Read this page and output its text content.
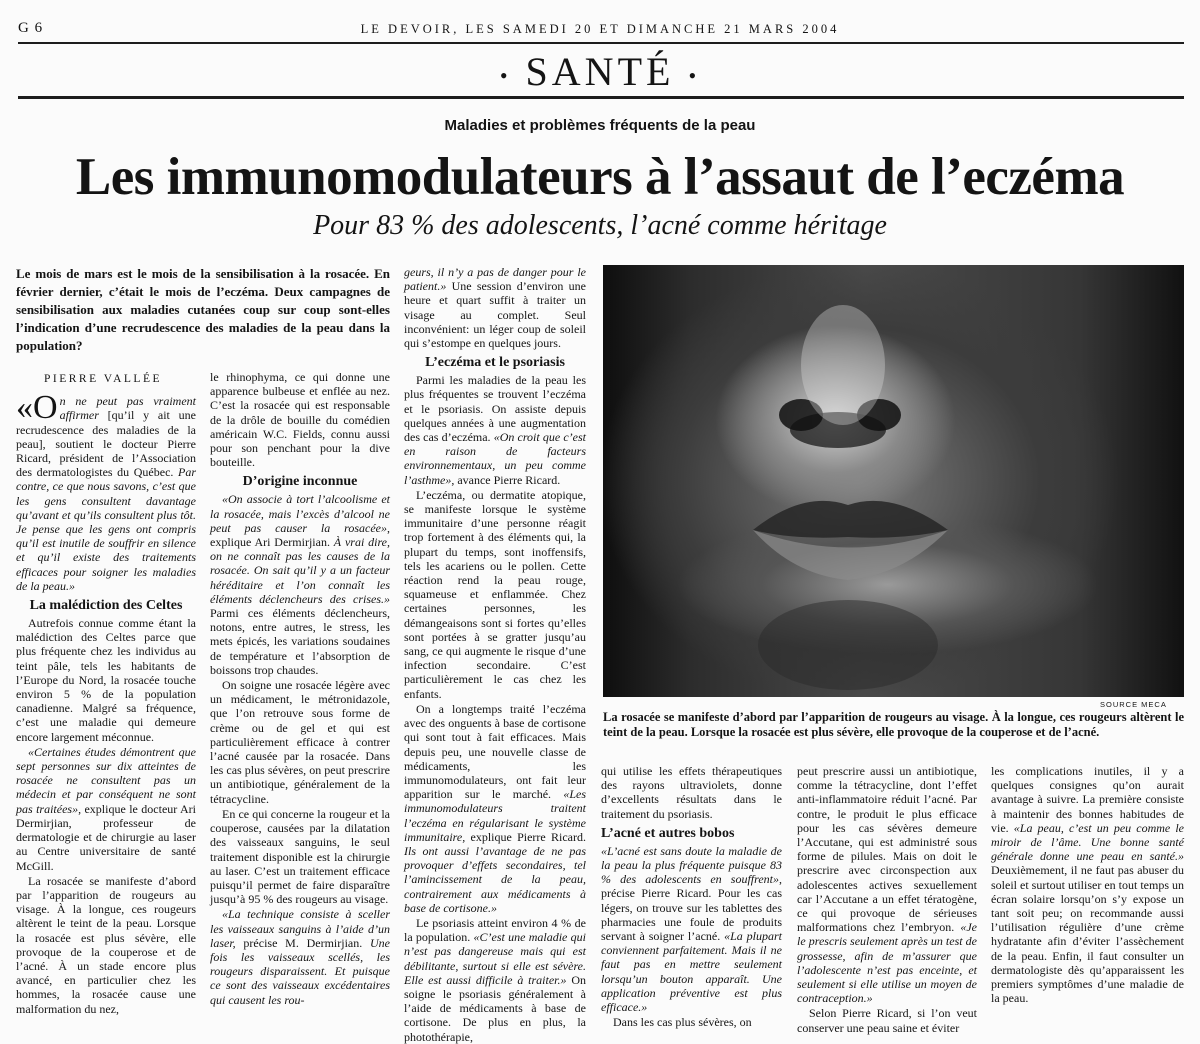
G 6	LE DEVOIR, LES SAMEDI 20 ET DIMANCHE 21 MARS 2004
• SANTÉ •
Maladies et problèmes fréquents de la peau
Les immunomodulateurs à l’assaut de l’eczéma
Pour 83 % des adolescents, l’acné comme héritage
Le mois de mars est le mois de la sensibilisation à la rosacée. En février dernier, c’était le mois de l’eczéma. Deux campagnes de sensibilisation aux maladies cutanées coup sur coup sont-elles l’indication d’une recrudescence des maladies de la peau dans la population?
PIERRE VALLÉE

«On ne peut pas vraiment affirmer [qu’il y ait une recrudescence des maladies de la peau], soutient le docteur Pierre Ricard, président de l’Association des dermatologistes du Québec. Par contre, ce que nous savons, c’est que les gens consultent davantage qu’avant et qu’ils consultent plus tôt. Je pense que les gens ont compris qu’il est inutile de souffrir en silence et qu’il existe des traitements efficaces pour soigner les maladies de la peau.»

La malédiction des Celtes

Autrefois connue comme étant la malédiction des Celtes parce que plus fréquente chez les individus au teint pâle, tels les habitants de l’Europe du Nord, la rosacée touche environ 5 % de la population canadienne. Malgré sa fréquence, c’est une maladie qui demeure encore largement méconnue.

«Certaines études démontrent que sept personnes sur dix atteintes de rosacée ne consultent pas un médecin et par conséquent ne sont pas traitées», explique le docteur Ari Dermirjian, professeur de dermatologie et de chirurgie au laser au Centre universitaire de santé McGill.

La rosacée se manifeste d’abord par l’apparition de rougeurs au visage. À la longue, ces rougeurs altèrent le teint de la peau. Lorsque la rosacée est plus sévère, elle provoque de la couperose et de l’acné. À un stade encore plus avancé, en particulier chez les hommes, la rosacée cause une malformation du nez,

le rhinophyma, ce qui donne une apparence bulbeuse et enflée au nez. C’est la rosacée qui est responsable de la drôle de bouille du comédien américain W.C. Fields, connu aussi pour son penchant pour la dive bouteille.

D’origine inconnue

«On associe à tort l’alcoolisme et la rosacée, mais l’excès d’alcool ne peut pas causer la rosacée», explique Ari Dermirjian. À vrai dire, on ne connaît pas les causes de la rosacée. On sait qu’il y a un facteur héréditaire et l’on connaît les éléments déclencheurs des crises.» Parmi ces éléments déclencheurs, notons, entre autres, le stress, les mets épicés, les variations soudaines de température et l’absorption de boissons trop chaudes.

On soigne une rosacée légère avec un médicament, le métronidazole, que l’on retrouve sous forme de crème ou de gel et qui est particulièrement efficace à contrer l’acné causée par la rosacée. Dans les cas plus sévères, on peut prescrire un antibiotique, généralement de la tétracycline.

En ce qui concerne la rougeur et la couperose, causées par la dilatation des vaisseaux sanguins, le seul traitement disponible est la chirurgie au laser. C’est un traitement efficace puisqu’il permet de faire disparaître jusqu’à 95 % des rougeurs au visage.

«La technique consiste à sceller les vaisseaux sanguins à l’aide d’un laser, précise M. Dermirjian. Une fois les vaisseaux scellés, les rougeurs disparaissent. Et puisque ce sont des vaisseaux excédentaires qui causent les rou-

geurs, il n’y a pas de danger pour le patient.» Une session d’environ une heure et quart suffit à traiter un visage au complet. Seul inconvénient: un léger coup de soleil qui s’estompe en quelques jours.

L’eczéma et le psoriasis

Parmi les maladies de la peau les plus fréquentes se trouvent l’eczéma et le psoriasis. On assiste depuis quelques années à une augmentation des cas d’eczéma. «On croit que c’est en raison de facteurs environnementaux, un peu comme l’asthme», avance Pierre Ricard.

L’eczéma, ou dermatite atopique, se manifeste lorsque le système immunitaire d’une personne réagit trop fortement à des éléments qui, la plupart du temps, sont inoffensifs, tels les acariens ou le pollen. Cette réaction rend la peau rouge, squameuse et enflammée. Chez certaines personnes, les démangeaisons sont si fortes qu’elles sont portées à se gratter jusqu’au sang, ce qui augmente le risque d’une infection secondaire. C’est particulièrement le cas chez les enfants.

On a longtemps traité l’eczéma avec des onguents à base de cortisone qui sont tout à fait efficaces. Mais depuis peu, une nouvelle classe de médicaments, les immunomodulateurs, ont fait leur apparition sur le marché. «Les immunomodulateurs traitent l’eczéma en régularisant le système immunitaire, explique Pierre Ricard. Ils ont aussi l’avantage de ne pas provoquer d’effets secondaires, tel l’amincissement de la peau, contrairement aux médicaments à base de cortisone.»

Le psoriasis atteint environ 4 % de la population. «C’est une maladie qui n’est pas dangereuse mais qui est débilitante, surtout si elle est sévère. Elle est aussi difficile à traiter.» On soigne le psoriasis généralement à l’aide de médicaments à base de cortisone. De plus en plus, la photothérapie,

SOURCE MECA
La rosacée se manifeste d’abord par l’apparition de rougeurs au visage. À la longue, ces rougeurs altèrent le teint de la peau. Lorsque la rosacée est plus sévère, elle provoque de la couperose et de l’acné.

qui utilise les effets thérapeutiques des rayons ultraviolets, donne d’excellents résultats dans le traitement du psoriasis.

L’acné et autres bobos

«L’acné est sans doute la maladie de la peau la plus fréquente puisque 83 % des adolescents en souffrent», précise Pierre Ricard. Pour les cas légers, on trouve sur les tablettes des pharmacies une foule de produits servant à soigner l’acné. «La plupart conviennent parfaitement. Mais il ne faut pas en mettre seulement lorsqu’un bouton apparaît. Une application préventive est plus efficace.»

Dans les cas plus sévères, on

peut prescrire aussi un antibiotique, comme la tétracycline, dont l’effet anti-inflammatoire réduit l’acné. Par contre, le produit le plus efficace pour les cas sévères demeure l’Accutane, qui est administré sous forme de pilules. Mais on doit le prescrire avec circonspection aux adolescentes actives sexuellement car l’Accutane a un effet tératogène, ce qui provoque de sérieuses malformations chez l’embryon. «Je le prescris seulement après un test de grossesse, afin de m’assurer que l’adolescente n’est pas enceinte, et seulement si elle utilise un moyen de contraception.»

Selon Pierre Ricard, si l’on veut conserver une peau saine et éviter

les complications inutiles, il y a quelques consignes qu’on aurait avantage à suivre. La première consiste à maintenir des bonnes habitudes de vie. «La peau, c’est un peu comme le miroir de l’âme. Une bonne santé générale donne une peau en santé.» Deuxièmement, il ne faut pas abuser du soleil et surtout utiliser en tout temps un écran solaire lorsqu’on s’y expose un tant soit peu; on recommande aussi l’utilisation régulière d’une crème hydratante afin d’éviter l’assèchement de la peau. Enfin, il faut consulter un dermatologiste dès qu’apparaissent les premiers symptômes d’une maladie de la peau.
